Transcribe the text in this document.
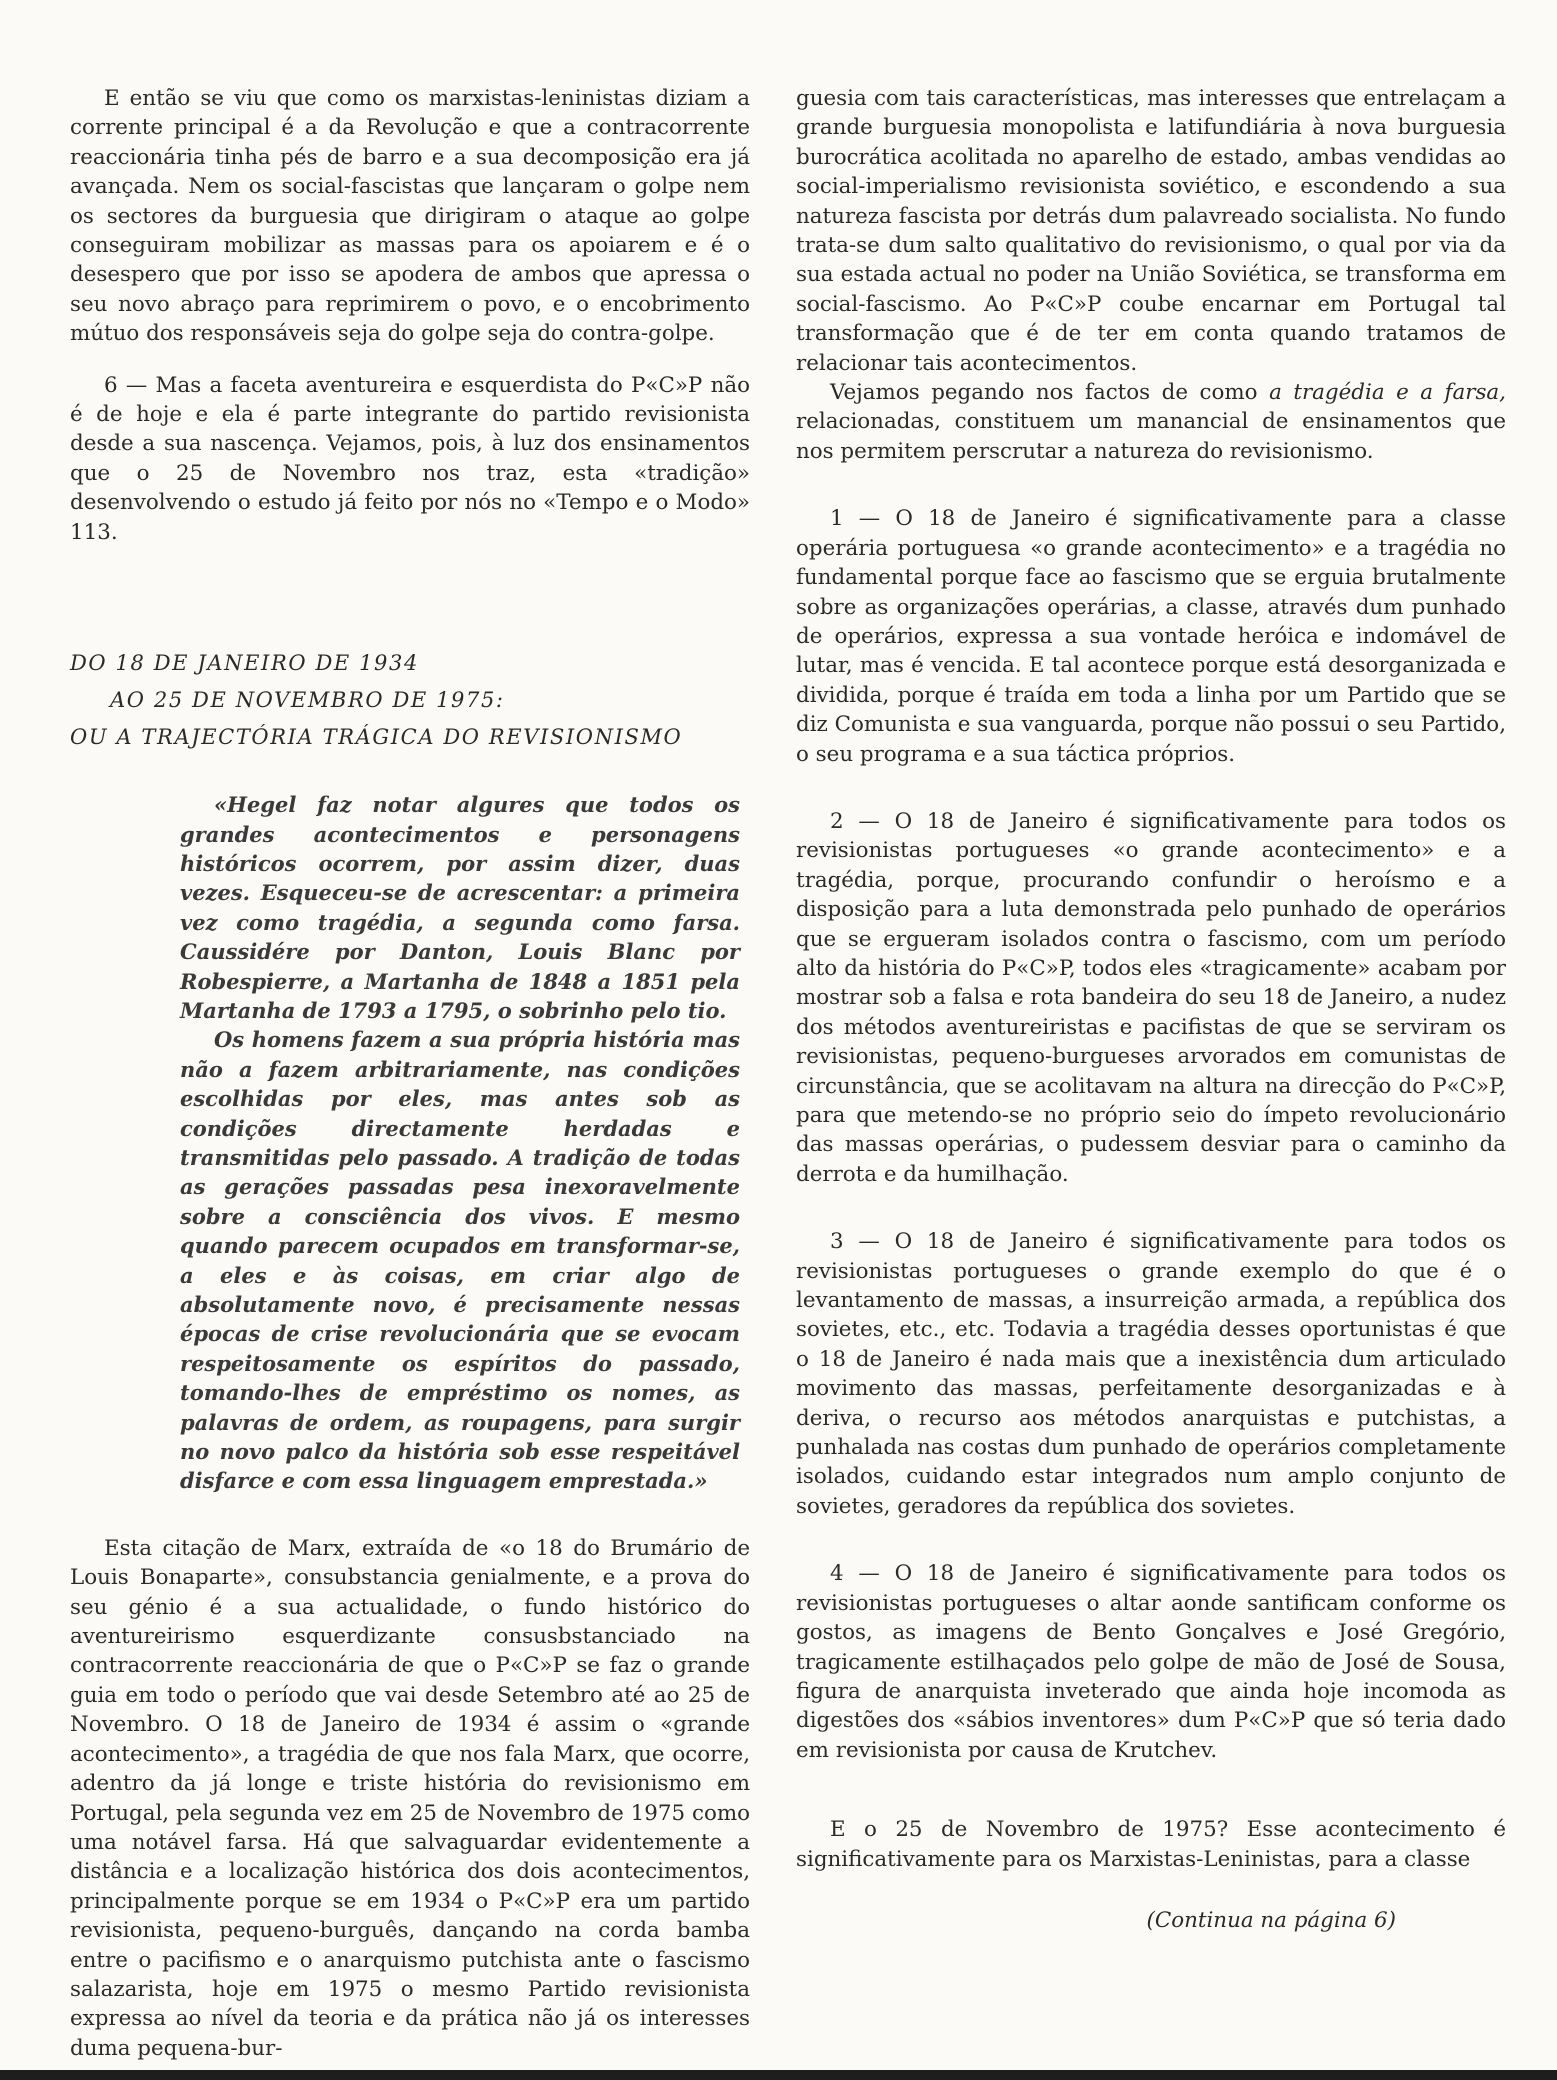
E então se viu que como os marxistas-leninistas diziam a corrente principal é a da Revolução e que a contracorrente reaccionária tinha pés de barro e a sua decomposição era já avançada. Nem os social-fascistas que lançaram o golpe nem os sectores da burguesia que dirigiram o ataque ao golpe conseguiram mobilizar as massas para os apoiarem e é o desespero que por isso se apodera de ambos que apressa o seu novo abraço para reprimirem o povo, e o encobrimento mútuo dos responsáveis seja do golpe seja do contra-golpe.

6 — Mas a faceta aventureira e esquerdista do P«C»P não é de hoje e ela é parte integrante do partido revisionista desde a sua nascença. Vejamos, pois, à luz dos ensinamentos que o 25 de Novembro nos traz, esta «tradição» desenvolvendo o estudo já feito por nós no «Tempo e o Modo» 113.

DO 18 DE JANEIRO DE 1934
AO 25 DE NOVEMBRO DE 1975:
OU A TRAJECTÓRIA TRÁGICA DO REVISIONISMO

«Hegel faz notar algures que todos os grandes acontecimentos e personagens históricos ocorrem, por assim dizer, duas vezes. Esqueceu-se de acrescentar: a primeira vez como tragédia, a segunda como farsa. Caussidére por Danton, Louis Blanc por Robespierre, a Martanha de 1848 a 1851 pela Martanha de 1793 a 1795, o sobrinho pelo tio.

Os homens fazem a sua própria história mas não a fazem arbitrariamente, nas condições escolhidas por eles, mas antes sob as condições directamente herdadas e transmitidas pelo passado. A tradição de todas as gerações passadas pesa inexoravelmente sobre a consciência dos vivos. E mesmo quando parecem ocupados em transformar-se, a eles e às coisas, em criar algo de absolutamente novo, é precisamente nessas épocas de crise revolucionária que se evocam respeitosamente os espíritos do passado, tomando-lhes de empréstimo os nomes, as palavras de ordem, as roupagens, para surgir no novo palco da história sob esse respeitável disfarce e com essa linguagem emprestada.»

Esta citação de Marx, extraída de «o 18 do Brumário de Louis Bonaparte», consubstancia genialmente, e a prova do seu génio é a sua actualidade, o fundo histórico do aventureirismo esquerdizante consusbstanciado na contracorrente reaccionária de que o P«C»P se faz o grande guia em todo o período que vai desde Setembro até ao 25 de Novembro. O 18 de Janeiro de 1934 é assim o «grande acontecimento», a tragédia de que nos fala Marx, que ocorre, adentro da já longe e triste história do revisionismo em Portugal, pela segunda vez em 25 de Novembro de 1975 como uma notável farsa. Há que salvaguardar evidentemente a distância e a localização histórica dos dois acontecimentos, principalmente porque se em 1934 o P«C»P era um partido revisionista, pequeno-burguês, dançando na corda bamba entre o pacifismo e o anarquismo putchista ante o fascismo salazarista, hoje em 1975 o mesmo Partido revisionista expressa ao nível da teoria e da prática não já os interesses duma pequena-bur-

guesia com tais características, mas interesses que entrelaçam a grande burguesia monopolista e latifundiária à nova burguesia burocrática acolitada no aparelho de estado, ambas vendidas ao social-imperialismo revisionista soviético, e escondendo a sua natureza fascista por detrás dum palavreado socialista. No fundo trata-se dum salto qualitativo do revisionismo, o qual por via da sua estada actual no poder na União Soviética, se transforma em social-fascismo. Ao P«C»P coube encarnar em Portugal tal transformação que é de ter em conta quando tratamos de relacionar tais acontecimentos.

Vejamos pegando nos factos de como a tragédia e a farsa, relacionadas, constituem um manancial de ensinamentos que nos permitem perscrutar a natureza do revisionismo.

1 — O 18 de Janeiro é significativamente para a classe operária portuguesa «o grande acontecimento» e a tragédia no fundamental porque face ao fascismo que se erguia brutalmente sobre as organizações operárias, a classe, através dum punhado de operários, expressa a sua vontade heróica e indomável de lutar, mas é vencida. E tal acontece porque está desorganizada e dividida, porque é traída em toda a linha por um Partido que se diz Comunista e sua vanguarda, porque não possui o seu Partido, o seu programa e a sua táctica próprios.

2 — O 18 de Janeiro é significativamente para todos os revisionistas portugueses «o grande acontecimento» e a tragédia, porque, procurando confundir o heroísmo e a disposição para a luta demonstrada pelo punhado de operários que se ergueram isolados contra o fascismo, com um período alto da história do P«C»P, todos eles «tragicamente» acabam por mostrar sob a falsa e rota bandeira do seu 18 de Janeiro, a nudez dos métodos aventureiristas e pacifistas de que se serviram os revisionistas, pequeno-burgueses arvorados em comunistas de circunstância, que se acolitavam na altura na direcção do P«C»P, para que metendo-se no próprio seio do ímpeto revolucionário das massas operárias, o pudessem desviar para o caminho da derrota e da humilhação.

3 — O 18 de Janeiro é significativamente para todos os revisionistas portugueses o grande exemplo do que é o levantamento de massas, a insurreição armada, a república dos sovietes, etc., etc. Todavia a tragédia desses oportunistas é que o 18 de Janeiro é nada mais que a inexistência dum articulado movimento das massas, perfeitamente desorganizadas e à deriva, o recurso aos métodos anarquistas e putchistas, a punhalada nas costas dum punhado de operários completamente isolados, cuidando estar integrados num amplo conjunto de sovietes, geradores da república dos sovietes.

4 — O 18 de Janeiro é significativamente para todos os revisionistas portugueses o altar aonde santificam conforme os gostos, as imagens de Bento Gonçalves e José Gregório, tragicamente estilhaçados pelo golpe de mão de José de Sousa, figura de anarquista inveterado que ainda hoje incomoda as digestões dos «sábios inventores» dum P«C»P que só teria dado em revisionista por causa de Krutchev.

E o 25 de Novembro de 1975? Esse acontecimento é significativamente para os Marxistas-Leninistas, para a classe

(Continua na página 6)
